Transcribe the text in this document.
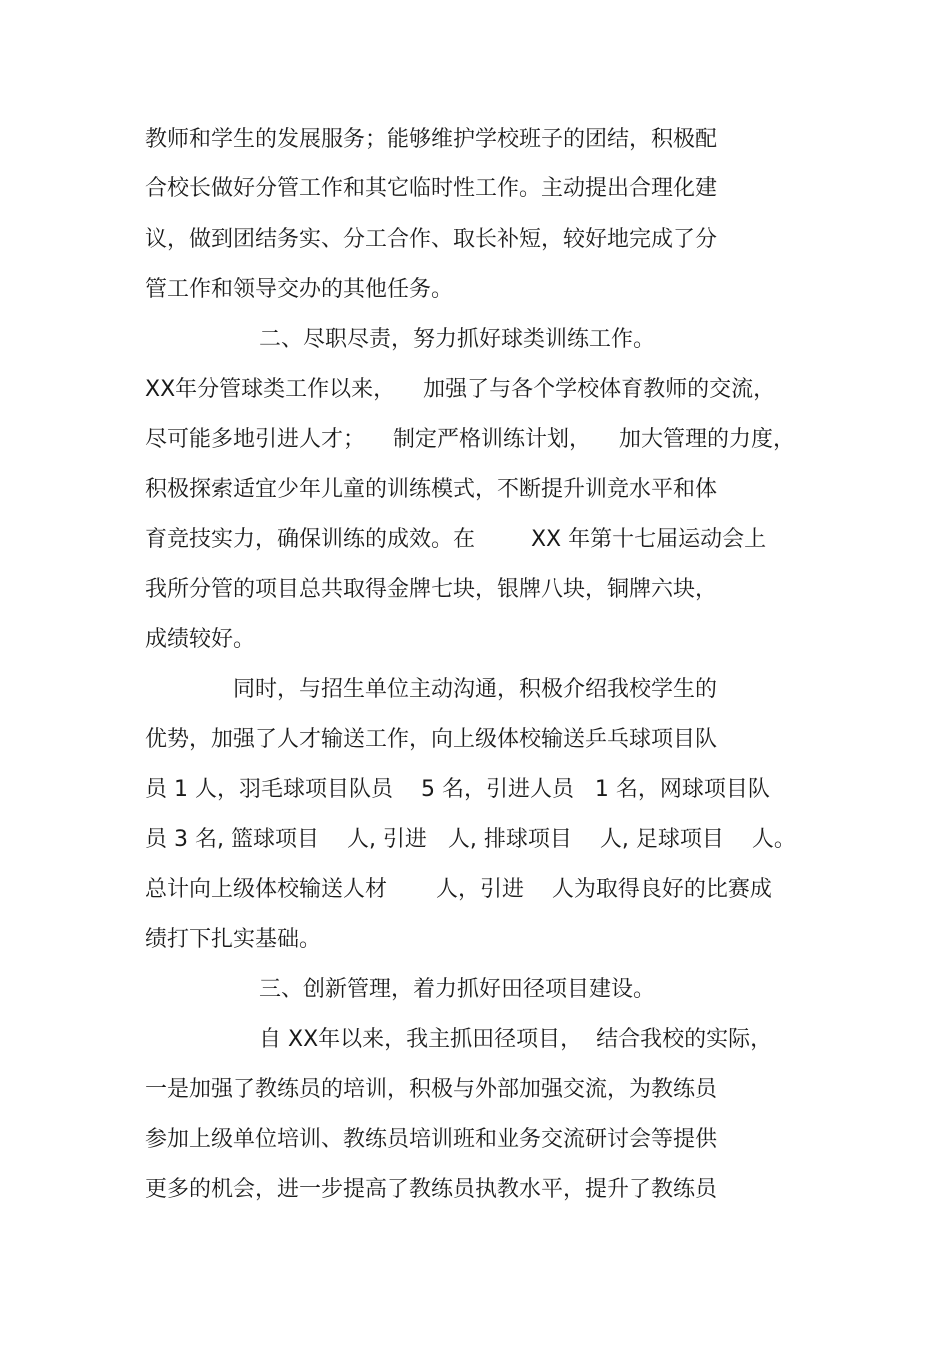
教师和学生的发展服务；能够维护学校班子的团结，积极配
合校长做好分管工作和其它临时性工作。主动提出合理化建
议，做到团结务实、分工合作、取长补短，较好地完成了分
管工作和领导交办的其他任务。
二、尽职尽责，努力抓好球类训练工作。
XX年分管球类工作以来，    加强了与各个学校体育教师的交流，
尽可能多地引进人才；    制定严格训练计划，    加大管理的力度，
积极探索适宜少年儿童的训练模式，不断提升训竞水平和体
育竞技实力，确保训练的成效。在        XX 年第十七届运动会上
我所分管的项目总共取得金牌七块，银牌八块，铜牌六块，
成绩较好。
同时，与招生单位主动沟通，积极介绍我校学生的
优势，加强了人才输送工作，向上级体校输送乒乓球项目队
员 1 人，羽毛球项目队员    5 名，引进人员   1 名，网球项目队
员 3 名, 篮球项目    人, 引进   人, 排球项目    人, 足球项目    人。
总计向上级体校输送人材       人，引进    人为取得良好的比赛成
绩打下扎实基础。
三、创新管理，着力抓好田径项目建设。
自 XX年以来，我主抓田径项目，  结合我校的实际，
一是加强了教练员的培训，积极与外部加强交流，为教练员
参加上级单位培训、教练员培训班和业务交流研讨会等提供
更多的机会，进一步提高了教练员执教水平，提升了教练员
